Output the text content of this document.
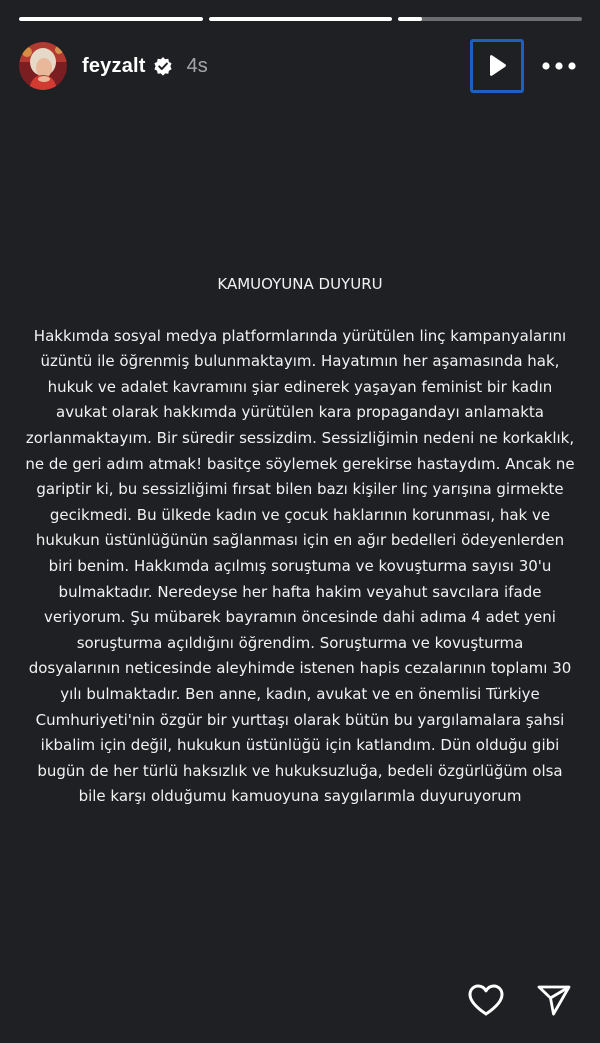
feyzalt 4s
KAMUOYUNA DUYURU
Hakkımda sosyal medya platformlarında yürütülen linç kampanyalarını
üzüntü ile öğrenmiş bulunmaktayım. Hayatımın her aşamasında hak,
hukuk ve adalet kavramını şiar edinerek yaşayan feminist bir kadın
avukat olarak hakkımda yürütülen kara propagandayı anlamakta
zorlanmaktayım. Bir süredir sessizdim. Sessizliğimin nedeni ne korkaklık,
ne de geri adım atmak! basitçe söylemek gerekirse hastaydım. Ancak ne
gariptir ki, bu sessizliğimi fırsat bilen bazı kişiler linç yarışına girmekte
gecikmedi. Bu ülkede kadın ve çocuk haklarının korunması, hak ve
hukukun üstünlüğünün sağlanması için en ağır bedelleri ödeyenlerden
biri benim. Hakkımda açılmış soruştuma ve kovuşturma sayısı 30'u
bulmaktadır. Neredeyse her hafta hakim veyahut savcılara ifade
veriyorum. Şu mübarek bayramın öncesinde dahi adıma 4 adet yeni
soruşturma açıldığını öğrendim. Soruşturma ve kovuşturma
dosyalarının neticesinde aleyhimde istenen hapis cezalarının toplamı 30
yılı bulmaktadır. Ben anne, kadın, avukat ve en önemlisi Türkiye
Cumhuriyeti'nin özgür bir yurttaşı olarak bütün bu yargılamalara şahsi
ikbalim için değil, hukukun üstünlüğü için katlandım. Dün olduğu gibi
bugün de her türlü haksızlık ve hukuksuzluğa, bedeli özgürlüğüm olsa
bile karşı olduğumu kamuoyuna saygılarımla duyuruyorum
